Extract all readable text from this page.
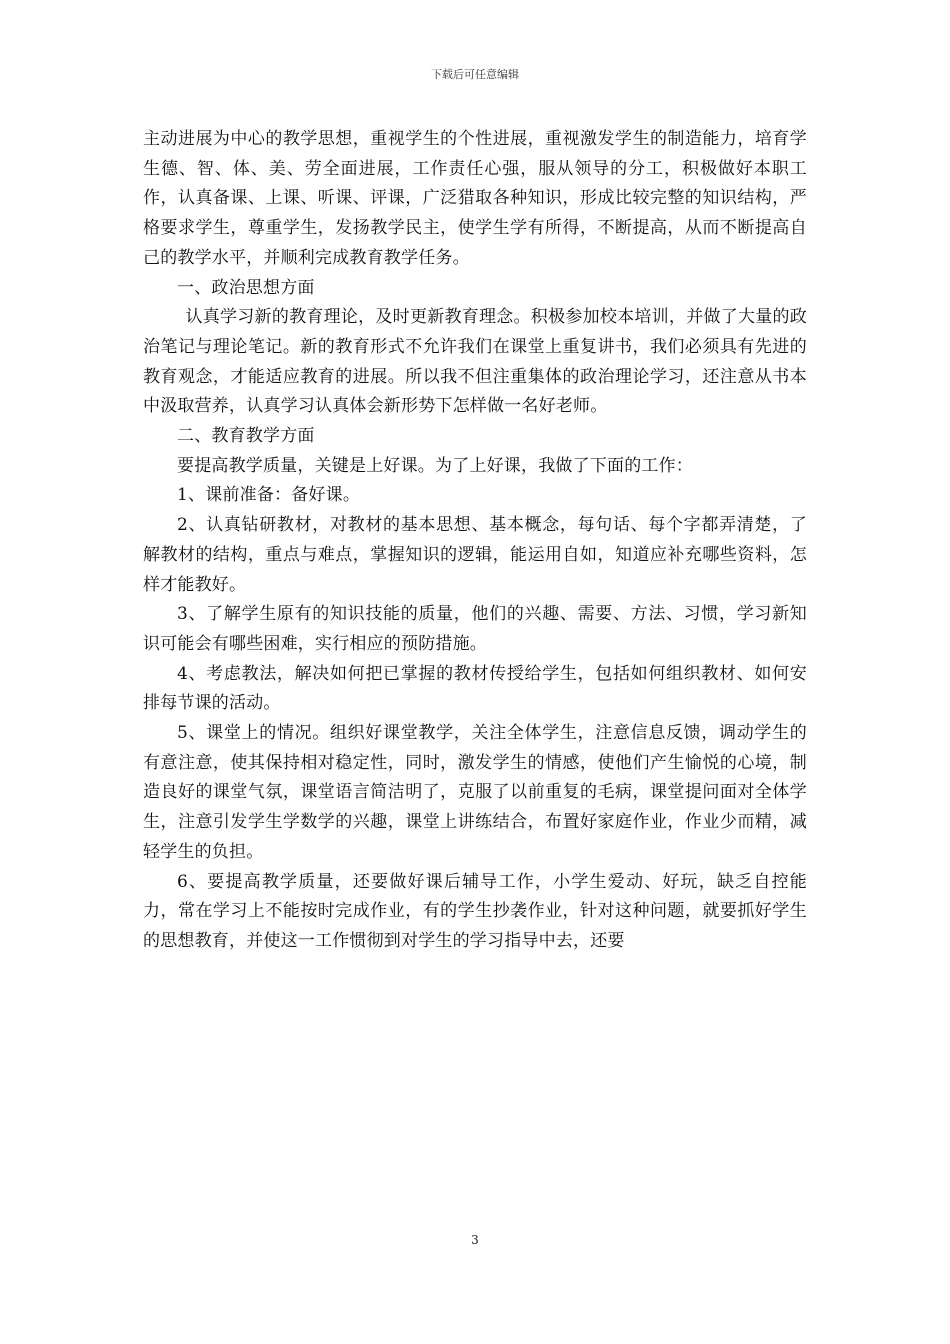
下载后可任意编辑

主动进展为中心的教学思想，重视学生的个性进展，重视激发学生的制造能力，培育学生德、智、体、美、劳全面进展，工作责任心强，服从领导的分工，积极做好本职工作，认真备课、上课、听课、评课，广泛猎取各种知识，形成比较完整的知识结构，严格要求学生，尊重学生，发扬教学民主，使学生学有所得，不断提高，从而不断提高自己的教学水平，并顺利完成教育教学任务。

一、政治思想方面

认真学习新的教育理论，及时更新教育理念。积极参加校本培训，并做了大量的政治笔记与理论笔记。新的教育形式不允许我们在课堂上重复讲书，我们必须具有先进的教育观念，才能适应教育的进展。所以我不但注重集体的政治理论学习，还注意从书本中汲取营养，认真学习认真体会新形势下怎样做一名好老师。

二、教育教学方面

要提高教学质量，关键是上好课。为了上好课，我做了下面的工作：

1、课前准备：备好课。

2、认真钻研教材，对教材的基本思想、基本概念，每句话、每个字都弄清楚，了解教材的结构，重点与难点，掌握知识的逻辑，能运用自如，知道应补充哪些资料，怎样才能教好。

3、了解学生原有的知识技能的质量，他们的兴趣、需要、方法、习惯，学习新知识可能会有哪些困难，实行相应的预防措施。

4、考虑教法，解决如何把已掌握的教材传授给学生，包括如何组织教材、如何安排每节课的活动。

5、课堂上的情况。组织好课堂教学，关注全体学生，注意信息反馈，调动学生的有意注意，使其保持相对稳定性，同时，激发学生的情感，使他们产生愉悦的心境，制造良好的课堂气氛，课堂语言简洁明了，克服了以前重复的毛病，课堂提问面对全体学生，注意引发学生学数学的兴趣，课堂上讲练结合，布置好家庭作业，作业少而精，减轻学生的负担。

6、要提高教学质量，还要做好课后辅导工作，小学生爱动、好玩，缺乏自控能力，常在学习上不能按时完成作业，有的学生抄袭作业，针对这种问题，就要抓好学生的思想教育，并使这一工作惯彻到对学生的学习指导中去，还要

3
